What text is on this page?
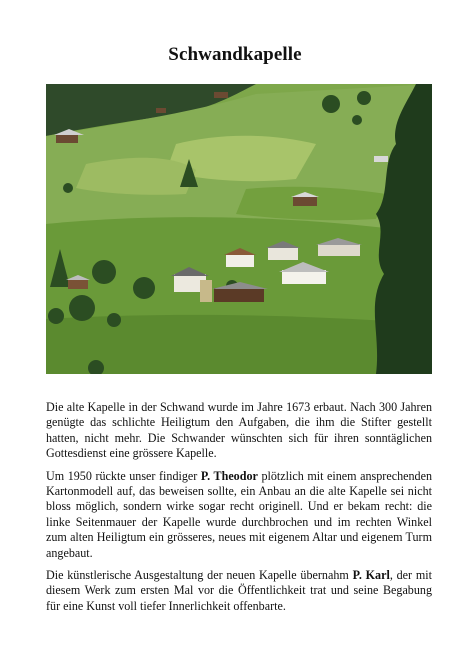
Schwandkapelle

Die alte Kapelle in der Schwand wurde im Jahre 1673 erbaut. Nach 300 Jahren genügte das schlichte Heiligtum den Aufgaben, die ihm die Stifter gestellt hatten, nicht mehr. Die Schwander wünschten sich für ihren sonntäglichen Gottesdienst eine grössere Kapelle.

Um 1950 rückte unser findiger P. Theodor plötzlich mit einem ansprechenden Kartonmodell auf, das beweisen sollte, ein Anbau an die alte Kapelle sei nicht bloss möglich, sondern wirke sogar recht originell. Und er bekam recht: die linke Seitenmauer der Kapelle wurde durchbrochen und im rechten Winkel zum alten Heiligtum ein grösseres, neues mit eigenem Altar und eigenem Turm angebaut.

Die künstlerische Ausgestaltung der neuen Kapelle übernahm P. Karl, der mit diesem Werk zum ersten Mal vor die Öffentlichkeit trat und seine Begabung für eine Kunst voll tiefer Innerlichkeit offenbarte.
